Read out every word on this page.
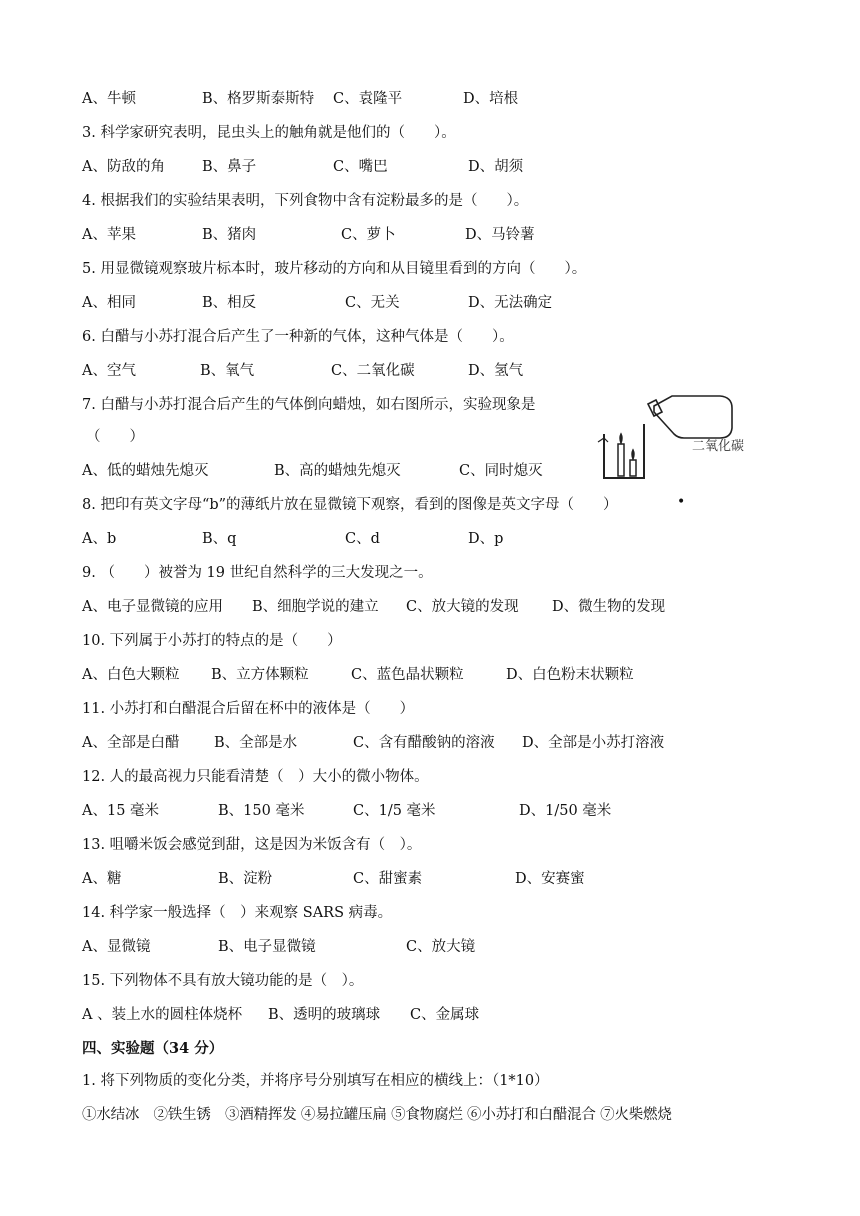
A、牛顿	B、格罗斯泰斯特 C、袁隆平	D、培根
3. 科学家研究表明，昆虫头上的触角就是他们的（　　）。
A、防敌的角	B、鼻子	C、嘴巴	D、胡须
4. 根据我们的实验结果表明，下列食物中含有淀粉最多的是（　　）。
A、苹果	B、猪肉	C、萝卜	D、马铃薯
5. 用显微镜观察玻片标本时，玻片移动的方向和从目镜里看到的方向（　　）。
A、相同	B、相反	C、无关	D、无法确定
6. 白醋与小苏打混合后产生了一种新的气体，这种气体是（　　）。
A、空气	B、氧气	C、二氧化碳	D、氢气
7. 白醋与小苏打混合后产生的气体倒向蜡烛，如右图所示，实验现象是
（　　）
A、低的蜡烛先熄灭	B、高的蜡烛先熄灭	C、同时熄灭
二氧化碳
8. 把印有英文字母“b”的薄纸片放在显微镜下观察，看到的图像是英文字母（　　）	•
A、b	B、q	C、d	D、p
9. （　　）被誉为 19 世纪自然科学的三大发现之一。
A、电子显微镜的应用 B、细胞学说的建立 C、放大镜的发现 D、微生物的发现
10. 下列属于小苏打的特点的是（　　）
A、白色大颗粒 B、立方体颗粒	C、蓝色晶状颗粒	D、白色粉末状颗粒
11. 小苏打和白醋混合后留在杯中的液体是（　　）
A、全部是白醋 B、全部是水	C、含有醋酸钠的溶液 D、全部是小苏打溶液
12. 人的最高视力只能看清楚（　）大小的微小物体。
A、15 毫米	B、150 毫米	C、1/5 毫米	D、1/50 毫米
13. 咀嚼米饭会感觉到甜，这是因为米饭含有（　）。
A、糖	B、淀粉	C、甜蜜素	D、安赛蜜
14. 科学家一般选择（　）来观察 SARS 病毒。
A、显微镜	B、电子显微镜	C、放大镜
15. 下列物体不具有放大镜功能的是（　）。
A 、装上水的圆柱体烧杯 B、透明的玻璃球 C、金属球
四、实验题（34 分）
1. 将下列物质的变化分类，并将序号分别填写在相应的横线上：（1*10）
①水结冰　②铁生锈　③酒精挥发 ④易拉罐压扁 ⑤食物腐烂 ⑥小苏打和白醋混合 ⑦火柴燃烧
